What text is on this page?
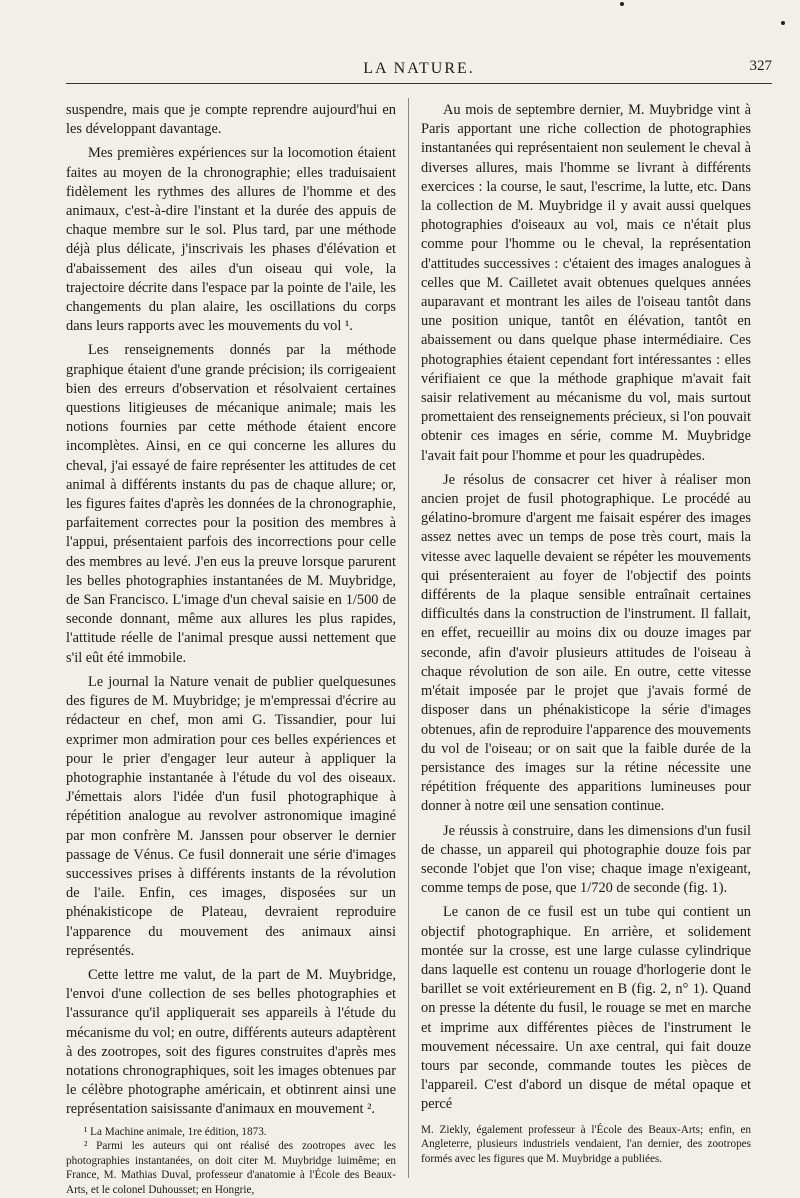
LA NATURE.	327

suspendre, mais que je compte reprendre aujourd'hui en les développant davantage.

Mes premières expériences sur la locomotion étaient faites au moyen de la chronographie; elles traduisaient fidèlement les rythmes des allures de l'homme et des animaux, c'est-à-dire l'instant et la durée des appuis de chaque membre sur le sol. Plus tard, par une méthode déjà plus délicate, j'inscrivais les phases d'élévation et d'abaissement des ailes d'un oiseau qui vole, la trajectoire décrite dans l'espace par la pointe de l'aile, les changements du plan alaire, les oscillations du corps dans leurs rapports avec les mouvements du vol ¹.

Les renseignements donnés par la méthode graphique étaient d'une grande précision; ils corrigeaient bien des erreurs d'observation et résolvaient certaines questions litigieuses de mécanique animale; mais les notions fournies par cette méthode étaient encore incomplètes. Ainsi, en ce qui concerne les allures du cheval, j'ai essayé de faire représenter les attitudes de cet animal à différents instants du pas de chaque allure; or, les figures faites d'après les données de la chronographie, parfaitement correctes pour la position des membres à l'appui, présentaient parfois des incorrections pour celle des membres au levé. J'en eus la preuve lorsque parurent les belles photographies instantanées de M. Muybridge, de San Francisco. L'image d'un cheval saisie en 1/500 de seconde donnant, même aux allures les plus rapides, l'attitude réelle de l'animal presque aussi nettement que s'il eût été immobile.

Le journal la Nature venait de publier quelquesunes des figures de M. Muybridge; je m'empressai d'écrire au rédacteur en chef, mon ami G. Tissandier, pour lui exprimer mon admiration pour ces belles expériences et pour le prier d'engager leur auteur à appliquer la photographie instantanée à l'étude du vol des oiseaux. J'émettais alors l'idée d'un fusil photographique à répétition analogue au revolver astronomique imaginé par mon confrère M. Janssen pour observer le dernier passage de Vénus. Ce fusil donnerait une série d'images successives prises à différents instants de la révolution de l'aile. Enfin, ces images, disposées sur un phénakisticope de Plateau, devraient reproduire l'apparence du mouvement des animaux ainsi représentés.

Cette lettre me valut, de la part de M. Muybridge, l'envoi d'une collection de ses belles photographies et l'assurance qu'il appliquerait ses appareils à l'étude du mécanisme du vol; en outre, différents auteurs adaptèrent à des zootropes, soit des figures construites d'après mes notations chronographiques, soit les images obtenues par le célèbre photographe américain, et obtinrent ainsi une représentation saisissante d'animaux en mouvement ².

¹ La Machine animale, 1re édition, 1873.

² Parmi les auteurs qui ont réalisé des zootropes avec les photographies instantanées, on doit citer M. Muybridge luimême; en France, M. Mathias Duval, professeur d'anatomie à l'École des Beaux-Arts, et le colonel Duhousset; en Hongrie,

Au mois de septembre dernier, M. Muybridge vint à Paris apportant une riche collection de photographies instantanées qui représentaient non seulement le cheval à diverses allures, mais l'homme se livrant à différents exercices : la course, le saut, l'escrime, la lutte, etc. Dans la collection de M. Muybridge il y avait aussi quelques photographies d'oiseaux au vol, mais ce n'était plus comme pour l'homme ou le cheval, la représentation d'attitudes successives : c'étaient des images analogues à celles que M. Cailletet avait obtenues quelques années auparavant et montrant les ailes de l'oiseau tantôt dans une position unique, tantôt en élévation, tantôt en abaissement ou dans quelque phase intermédiaire. Ces photographies étaient cependant fort intéressantes : elles vérifiaient ce que la méthode graphique m'avait fait saisir relativement au mécanisme du vol, mais surtout promettaient des renseignements précieux, si l'on pouvait obtenir ces images en série, comme M. Muybridge l'avait fait pour l'homme et pour les quadrupèdes.

Je résolus de consacrer cet hiver à réaliser mon ancien projet de fusil photographique. Le procédé au gélatino-bromure d'argent me faisait espérer des images assez nettes avec un temps de pose très court, mais la vitesse avec laquelle devaient se répéter les mouvements qui présenteraient au foyer de l'objectif des points différents de la plaque sensible entraînait certaines difficultés dans la construction de l'instrument. Il fallait, en effet, recueillir au moins dix ou douze images par seconde, afin d'avoir plusieurs attitudes de l'oiseau à chaque révolution de son aile. En outre, cette vitesse m'était imposée par le projet que j'avais formé de disposer dans un phénakisticope la série d'images obtenues, afin de reproduire l'apparence des mouvements du vol de l'oiseau; or on sait que la faible durée de la persistance des images sur la rétine nécessite une répétition fréquente des apparitions lumineuses pour donner à notre œil une sensation continue.

Je réussis à construire, dans les dimensions d'un fusil de chasse, un appareil qui photographie douze fois par seconde l'objet que l'on vise; chaque image n'exigeant, comme temps de pose, que 1/720 de seconde (fig. 1).

Le canon de ce fusil est un tube qui contient un objectif photographique. En arrière, et solidement montée sur la crosse, est une large culasse cylindrique dans laquelle est contenu un rouage d'horlogerie dont le barillet se voit extérieurement en B (fig. 2, n° 1). Quand on presse la détente du fusil, le rouage se met en marche et imprime aux différentes pièces de l'instrument le mouvement nécessaire. Un axe central, qui fait douze tours par seconde, commande toutes les pièces de l'appareil. C'est d'abord un disque de métal opaque et percé

M. Ziekly, également professeur à l'École des Beaux-Arts; enfin, en Angleterre, plusieurs industriels vendaient, l'an dernier, des zootropes formés avec les figures que M. Muybridge a publiées.
